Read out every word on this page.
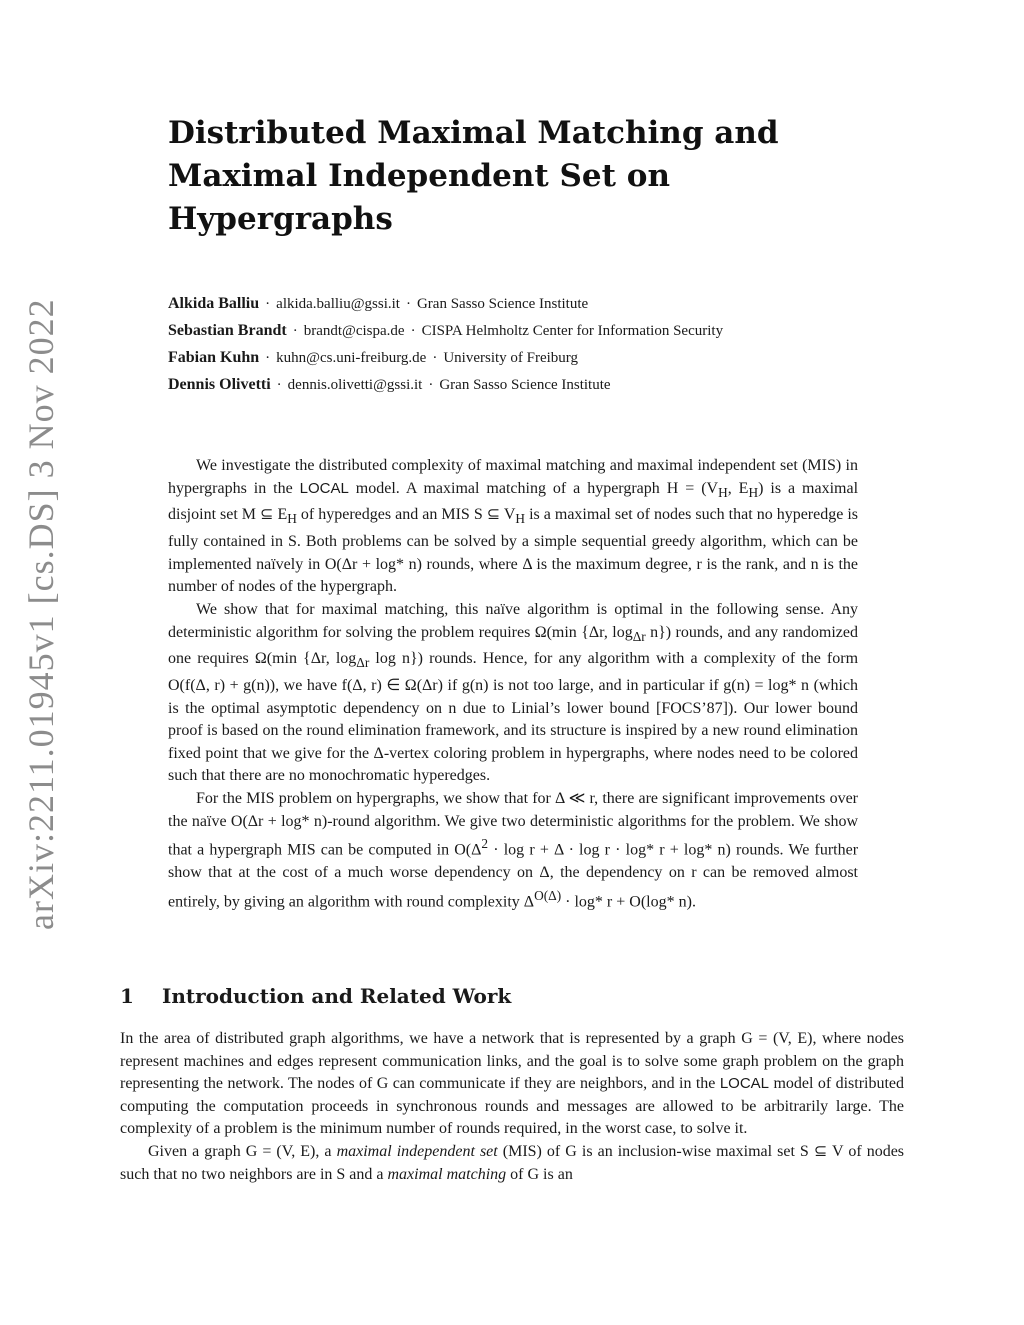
arXiv:2211.01945v1 [cs.DS] 3 Nov 2022
Distributed Maximal Matching and Maximal Independent Set on Hypergraphs
Alkida Balliu · alkida.balliu@gssi.it · Gran Sasso Science Institute
Sebastian Brandt · brandt@cispa.de · CISPA Helmholtz Center for Information Security
Fabian Kuhn · kuhn@cs.uni-freiburg.de · University of Freiburg
Dennis Olivetti · dennis.olivetti@gssi.it · Gran Sasso Science Institute

We investigate the distributed complexity of maximal matching and maximal independent set (MIS) in hypergraphs in the LOCAL model. A maximal matching of a hypergraph $H = (V_H$, $E_H$) is a maximal disjoint set M ⊆ $E_H$ of hyperedges and an MIS S ⊆ $V_H$ is a maximal set of nodes such that no hyperedge is fully contained in S. Both problems can be solved by a simple sequential greedy algorithm, which can be implemented naïvely in O(Δr + log* n) rounds, where Δ is the maximum degree, r is the rank, and n is the number of nodes of the hypergraph.

We show that for maximal matching, this naïve algorithm is optimal in the following sense. Any deterministic algorithm for solving the problem requires Ω(min {Δr, $\log_{\Delta r} n$}) rounds, and any randomized one requires Ω(min {Δr, $\log_{\Delta r} \log n$}) rounds. Hence, for any algorithm with a complexity of the form O(f(Δ, r) + g(n)), we have f(Δ, r) ∈ Ω(Δr) if g(n) is not too large, and in particular if g(n) = log* n (which is the optimal asymptotic dependency on n due to Linial’s lower bound [FOCS’87]). Our lower bound proof is based on the round elimination framework, and its structure is inspired by a new round elimination fixed point that we give for the Δ-vertex coloring problem in hypergraphs, where nodes need to be colored such that there are no monochromatic hyperedges.

For the MIS problem on hypergraphs, we show that for Δ ≪ r, there are significant improvements over the naïve O(Δr + log* n)-round algorithm. We give two deterministic algorithms for the problem. We show that a hypergraph MIS can be computed in $O(\Delta^2 \cdot \log r + \Delta \cdot \log r \cdot \log*$ r + log* n) rounds. We further show that at the cost of a much worse dependency on Δ, the dependency on r can be removed almost entirely, by giving an algorithm with round complexity $\Delta^{O(\Delta)} \cdot \log*$ r + O(log* n).

1 Introduction and Related Work

In the area of distributed graph algorithms, we have a network that is represented by a graph G = (V, E), where nodes represent machines and edges represent communication links, and the goal is to solve some graph problem on the graph representing the network. The nodes of G can communicate if they are neighbors, and in the LOCAL model of distributed computing the computation proceeds in synchronous rounds and messages are allowed to be arbitrarily large. The complexity of a problem is the minimum number of rounds required, in the worst case, to solve it.

Given a graph G = (V, E), a maximal independent set (MIS) of G is an inclusion-wise maximal set S ⊆ V of nodes such that no two neighbors are in S and a maximal matching of G is an
